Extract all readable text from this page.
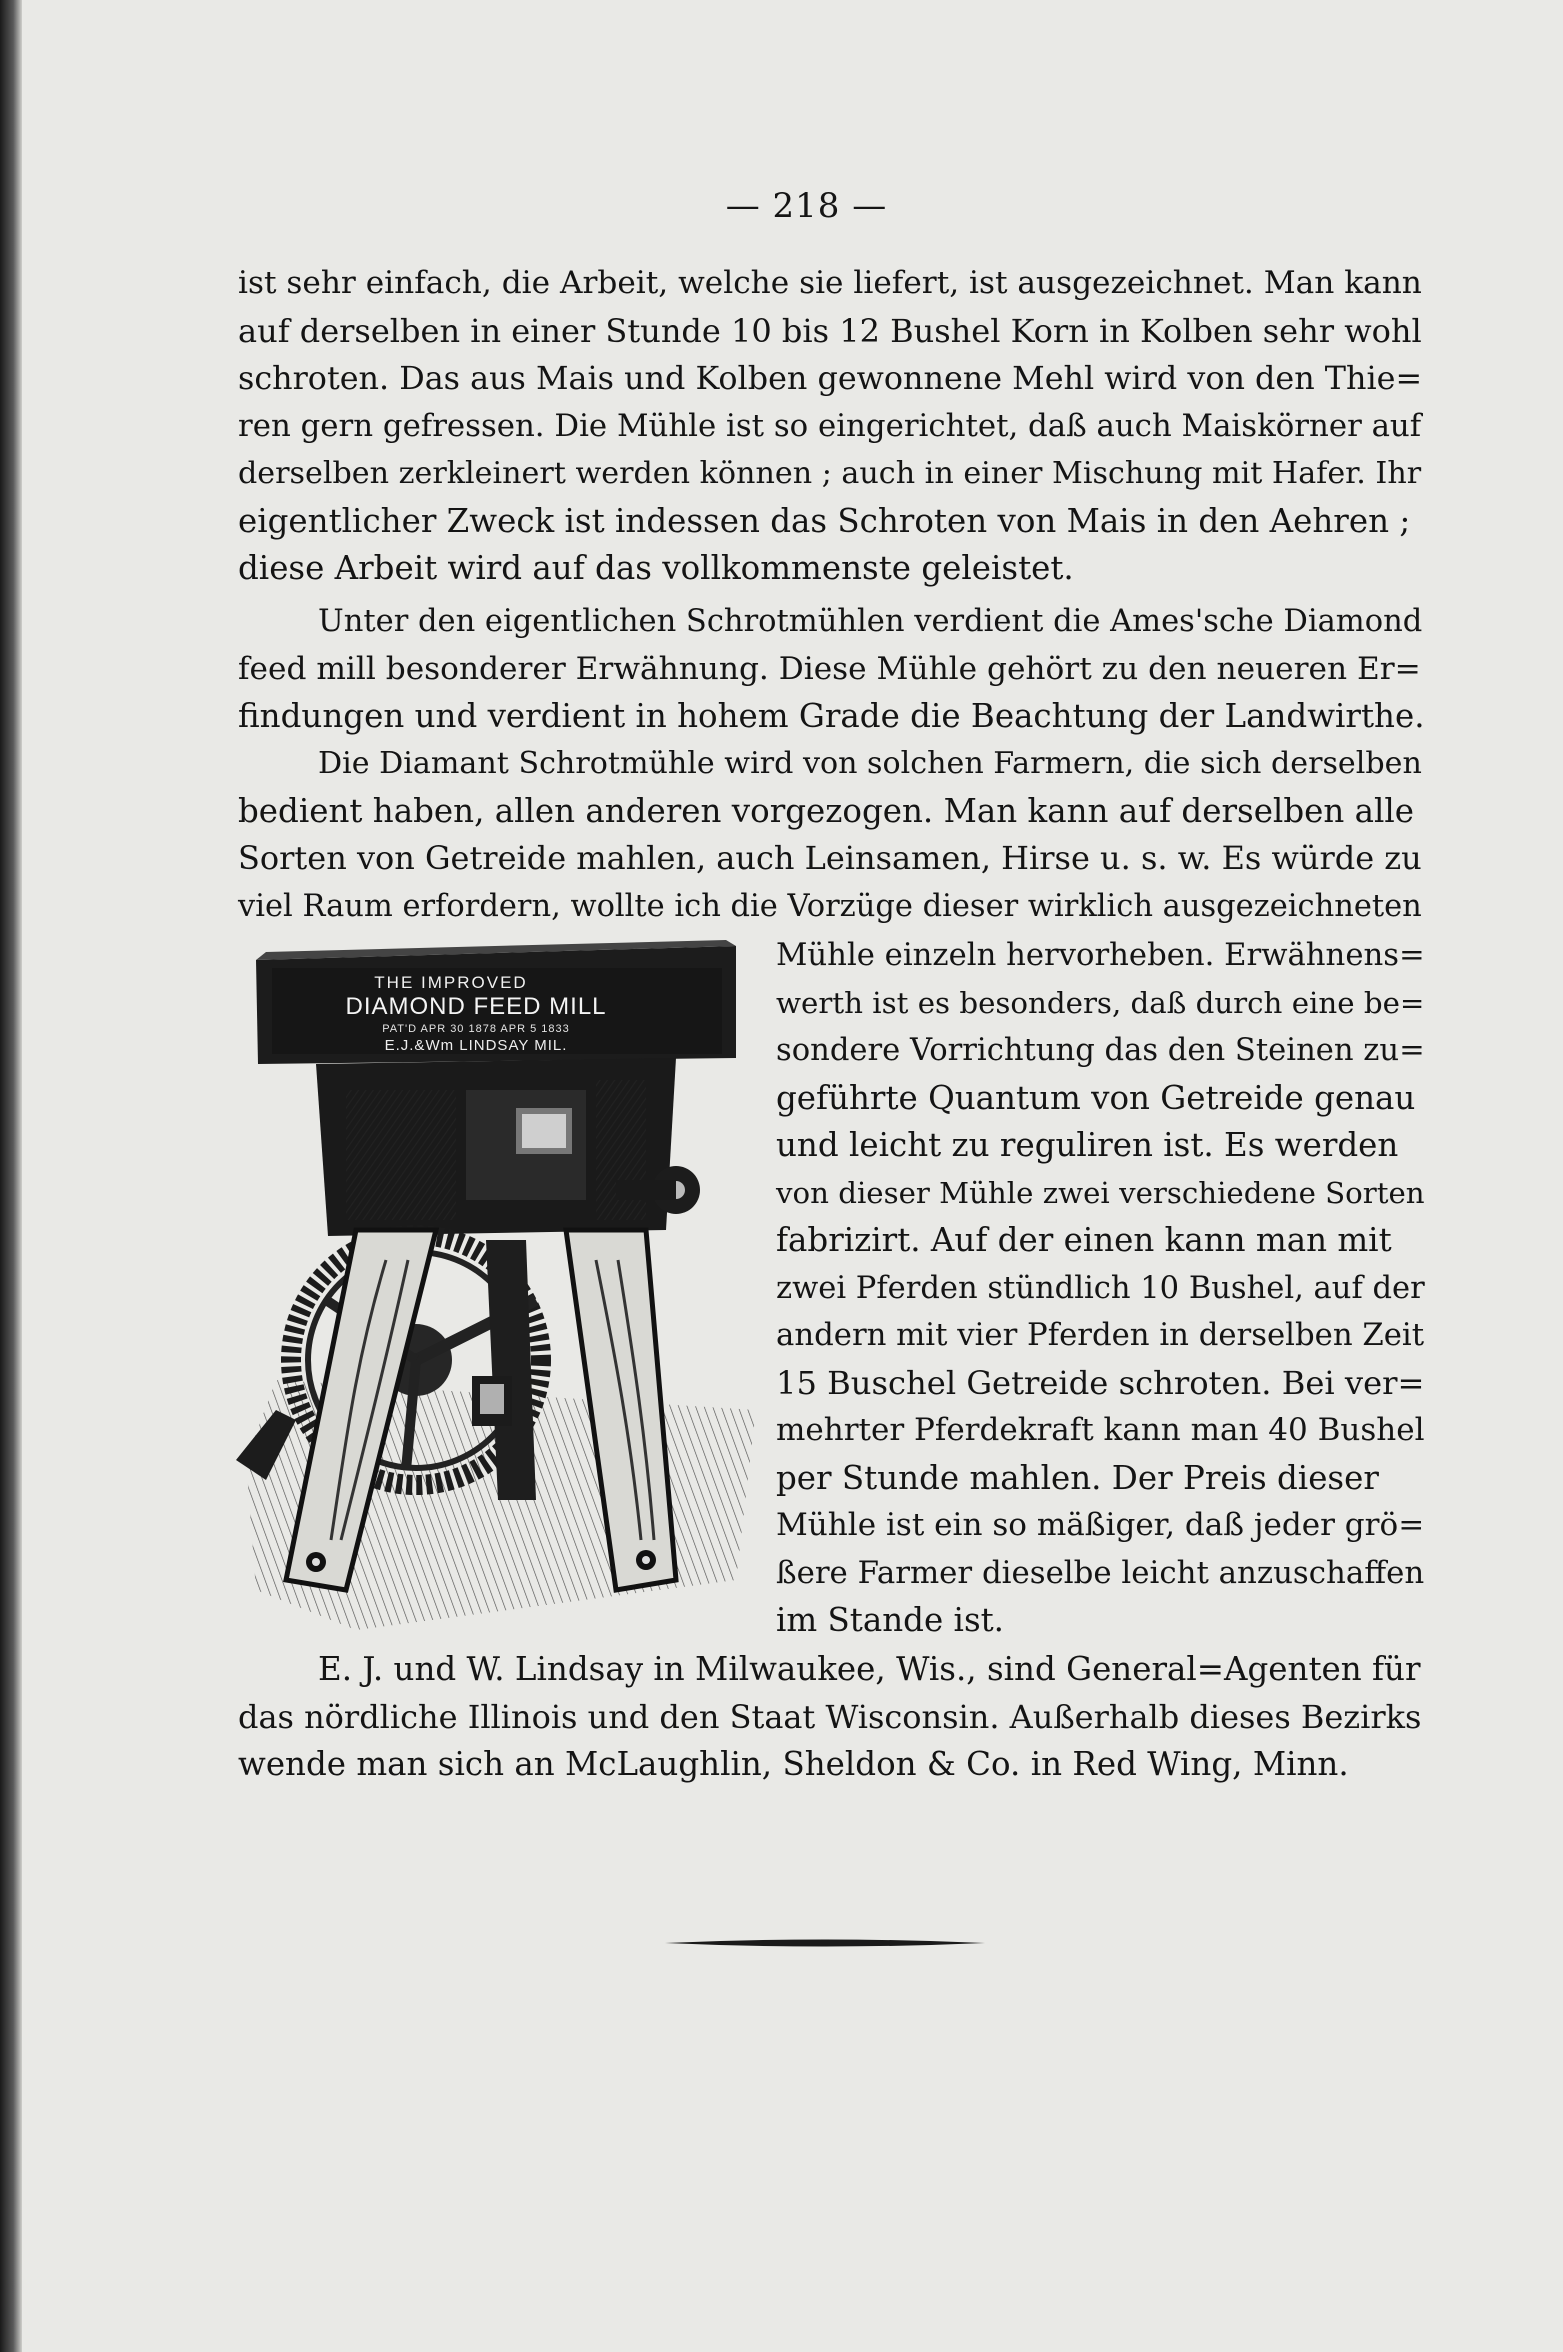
— 218 —
ist sehr einfach, die Arbeit, welche sie liefert, ist ausgezeichnet. Man kann
auf derselben in einer Stunde 10 bis 12 Bushel Korn in Kolben sehr wohl
schroten. Das aus Mais und Kolben gewonnene Mehl wird von den Thie=
ren gern gefressen. Die Mühle ist so eingerichtet, daß auch Maiskörner auf
derselben zerkleinert werden können ; auch in einer Mischung mit Hafer. Ihr
eigentlicher Zweck ist indessen das Schroten von Mais in den Aehren ;
diese Arbeit wird auf das vollkommenste geleistet.
Unter den eigentlichen Schrotmühlen verdient die Ames'sche Diamond
feed mill besonderer Erwähnung. Diese Mühle gehört zu den neueren Er=
findungen und verdient in hohem Grade die Beachtung der Landwirthe.
Die Diamant Schrotmühle wird von solchen Farmern, die sich derselben
bedient haben, allen anderen vorgezogen. Man kann auf derselben alle
Sorten von Getreide mahlen, auch Leinsamen, Hirse u. s. w. Es würde zu
viel Raum erfordern, wollte ich die Vorzüge dieser wirklich ausgezeichneten
Mühle einzeln hervorheben. Erwähnens=
werth ist es besonders, daß durch eine be=
sondere Vorrichtung das den Steinen zu=
geführte Quantum von Getreide genau
und leicht zu reguliren ist. Es werden
von dieser Mühle zwei verschiedene Sorten
fabrizirt. Auf der einen kann man mit
zwei Pferden stündlich 10 Bushel, auf der
andern mit vier Pferden in derselben Zeit
15 Buschel Getreide schroten. Bei ver=
mehrter Pferdekraft kann man 40 Bushel
per Stunde mahlen. Der Preis dieser
Mühle ist ein so mäßiger, daß jeder grö=
ßere Farmer dieselbe leicht anzuschaffen
im Stande ist.
THE IMPROVED
DIAMOND FEED MILL
PAT'D APR 30 1878 APR 5 1833
E.J.&Wm LINDSAY MIL.
E. J. und W. Lindsay in Milwaukee, Wis., sind General=Agenten für
das nördliche Illinois und den Staat Wisconsin. Außerhalb dieses Bezirks
wende man sich an McLaughlin, Sheldon & Co. in Red Wing, Minn.
